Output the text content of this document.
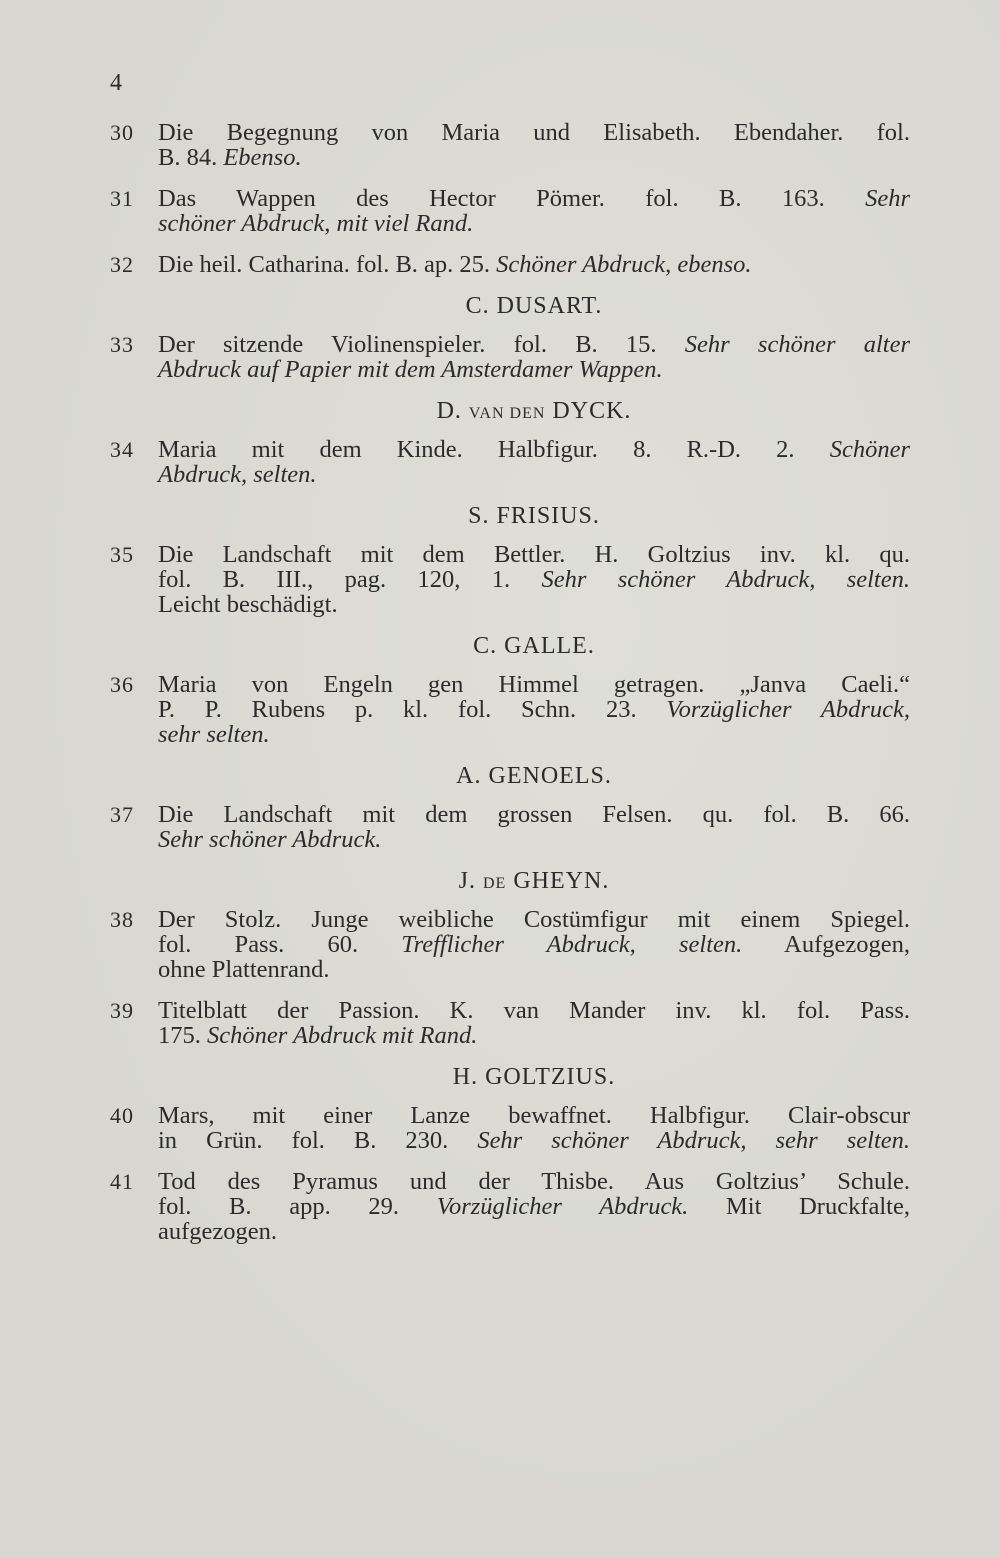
4
30 Die Begegnung von Maria und Elisabeth. Ebendaher. fol.
B. 84. Ebenso.
31 Das Wappen des Hector Pömer. fol. B. 163. Sehr
schöner Abdruck, mit viel Rand.
32 Die heil. Catharina. fol. B. ap. 25. Schöner Abdruck, ebenso.
C. DUSART.
33 Der sitzende Violinenspieler. fol. B. 15. Sehr schöner alter
Abdruck auf Papier mit dem Amsterdamer Wappen.
D. VAN DEN DYCK.
34 Maria mit dem Kinde. Halbfigur. 8. R.-D. 2. Schöner
Abdruck, selten.
S. FRISIUS.
35 Die Landschaft mit dem Bettler. H. Goltzius inv. kl. qu.
fol. B. III., pag. 120, 1. Sehr schöner Abdruck, selten.
Leicht beschädigt.
C. GALLE.
36 Maria von Engeln gen Himmel getragen. „Janva Caeli.“
P. P. Rubens p. kl. fol. Schn. 23. Vorzüglicher Abdruck,
sehr selten.
A. GENOELS.
37 Die Landschaft mit dem grossen Felsen. qu. fol. B. 66.
Sehr schöner Abdruck.
J. DE GHEYN.
38 Der Stolz. Junge weibliche Costümfigur mit einem Spiegel.
fol. Pass. 60. Trefflicher Abdruck, selten. Aufgezogen,
ohne Plattenrand.
39 Titelblatt der Passion. K. van Mander inv. kl. fol. Pass.
175. Schöner Abdruck mit Rand.
H. GOLTZIUS.
40 Mars, mit einer Lanze bewaffnet. Halbfigur. Clair-obscur
in Grün. fol. B. 230. Sehr schöner Abdruck, sehr selten.
41 Tod des Pyramus und der Thisbe. Aus Goltzius’ Schule.
fol. B. app. 29. Vorzüglicher Abdruck. Mit Druckfalte,
aufgezogen.
